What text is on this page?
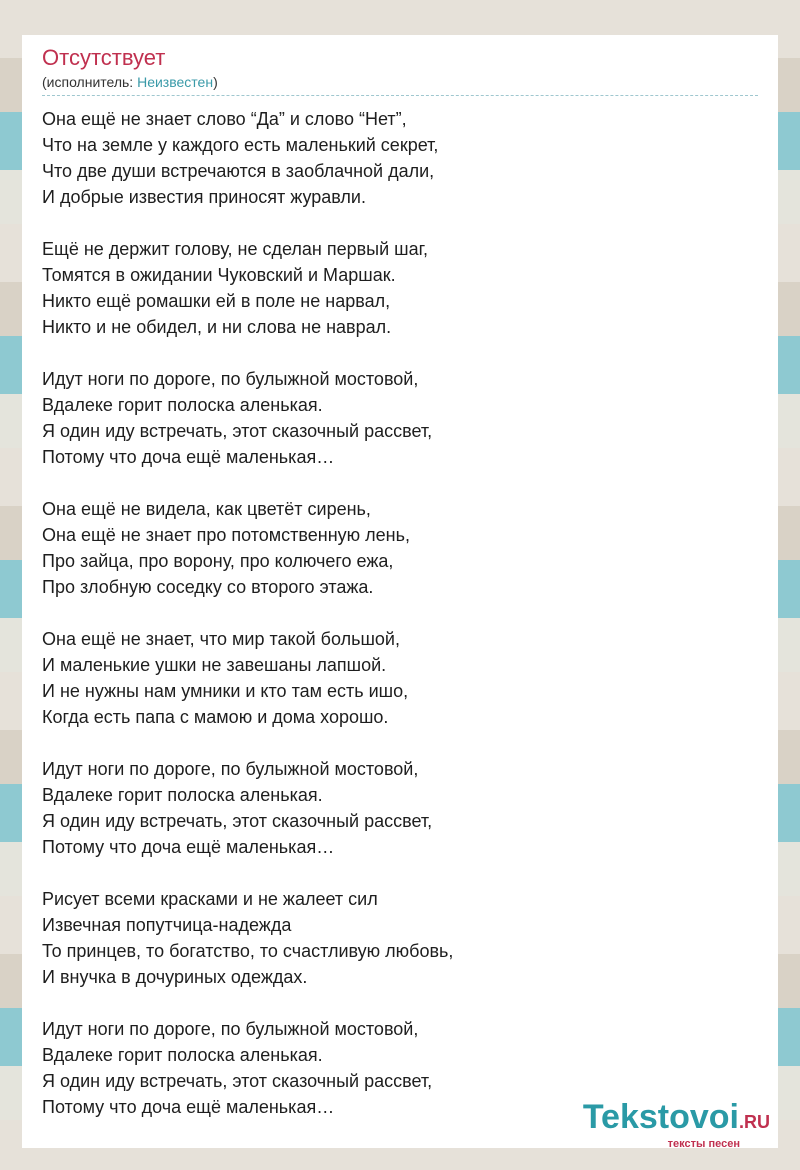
Отсутствует
(исполнитель: Неизвестен)
Она ещё не знает слово “Да” и слово “Нет”,
Что на земле у каждого есть маленький секрет,
Что две души встречаются в заоблачной дали,
И добрые известия приносят журавли.
Ещё не держит голову, не сделан первый шаг,
Томятся в ожидании Чуковский и Маршак.
Никто ещё ромашки ей в поле не нарвал,
Никто и не обидел, и ни слова не наврал.
Идут ноги по дороге, по булыжной мостовой,
Вдалеке горит полоска аленькая.
Я один иду встречать, этот сказочный рассвет,
Потому что доча ещё маленькая…
Она ещё не видела, как цветёт сирень,
Она ещё не знает про потомственную лень,
Про зайца, про ворону, про колючего ежа,
Про злобную соседку со второго этажа.
Она ещё не знает, что мир такой большой,
И маленькие ушки не завешаны лапшой.
И не нужны нам умники и кто там есть ишо,
Когда есть папа с мамою и дома хорошо.
Идут ноги по дороге, по булыжной мостовой,
Вдалеке горит полоска аленькая.
Я один иду встречать, этот сказочный рассвет,
Потому что доча ещё маленькая…
Рисует всеми красками и не жалеет сил
Извечная попутчица-надежда
То принцев, то богатство, то счастливую любовь,
И внучка в дочуриных одеждах.
Идут ноги по дороге, по булыжной мостовой,
Вдалеке горит полоска аленькая.
Я один иду встречать, этот сказочный рассвет,
Потому что доча ещё маленькая…	Tekstovoi.RU
тексты песен
